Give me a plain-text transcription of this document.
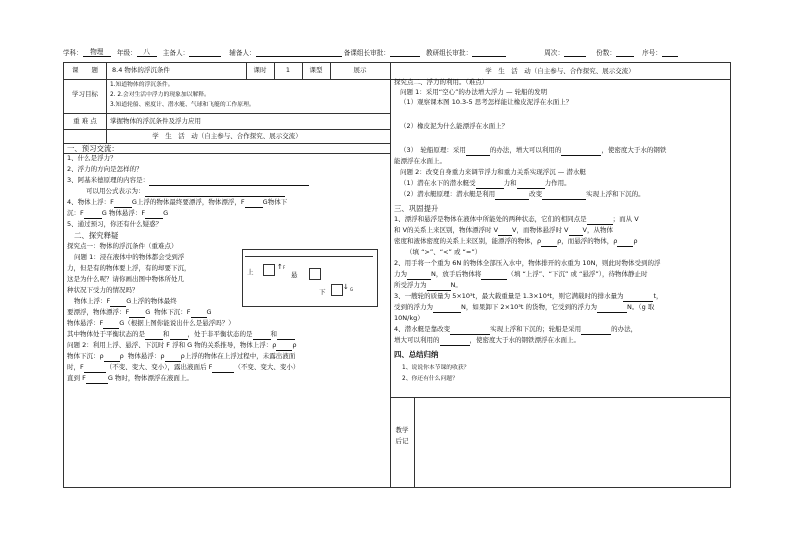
学科： 物理 年级： 八 主备人：	辅备人：	备课组长审批：	教研组长审批：	周次：	份数：	序号：
课　　题	8.4 物体的浮沉条件	课时	1	课型	展示
学习目标
1.知道物体的浮沉条件。
2. 2.会对生活中浮力的现象加以解释。
3.知道轮船、密度计、潜水艇、气球和飞艇的工作原理。
重 难 点	掌握物体的浮沉条件及浮力应用
学　生　活　动（自主参与、合作探究、展示交流）
学　生　活　动（自主参与、合作探究、展示交流）
一、预习交流：
1、什么是浮力？
2、浮力的方向是怎样的？
3、阿基米德原理的内容是：
可以用公式表示为：
4、物体上浮：F	G上浮的物体最终要漂浮，物体漂浮，F	G物体下
沉：F	G 物体悬浮：F	G
5、通过预习，你还有什么疑惑？
二、探究释疑
探究点一：物体的浮沉条件（重难点）
问题 1：浸在液体中的物体都会受到浮
力，但是有的物体要上浮，有的却要下沉，
这是为什么呢？请你画出图中物体所处几
种状况下受力的情况吗？
上
↑ F
悬
下
↓ G
物体上浮：F G上浮的物体最终
要漂浮，物体漂浮：F G 物体下沉：F G
物体悬浮：F G（根据上图你能说出什么是悬浮吗？）
其中物体处于平衡状态的是	和	，处于非平衡状态的是	和
问题 2：利用上浮、悬浮、下沉时 F 浮和 G 物的关系推导，物体上浮：ρ ρ
物体下沉：ρ ρ 物体悬浮：ρ ρ上浮的物体在上浮过程中，未露出液面
时，F	（不变、变大、变小），露出液面后 F	（不变、变大、变小）
直到 F	G 物时，物体漂浮在液面上。
探究点二、浮力的利用。（难点）
问题 1：采用“空心”的办法增大浮力 — 轮船的发明
（1）观察课本图 10.3-5 思考怎样能让橡皮泥浮在水面上？
（2）橡皮泥为什么能漂浮在水面上？
（3）　轮船原理：采用	的办法，增大可以利用的	，使密度大于水的钢铁
能漂浮在水面上。
问题 2：改变自身重力来调节浮力和重力关系实现浮沉 — 潜水艇
（1）潜在水下的潜水艇受	力和	力作用。
（2）潜水艇原理：潜水艇是利用	改变	实现上浮和下沉的。
三、巩固提升
1、漂浮和悬浮是物体在液体中所能处的两种状态，它们的相同点是	；而从 V
和 V的关系上来区别，物体漂浮时 V V，而物体悬浮时 V V，从物体
密度和液体密度的关系上来区别，能漂浮的物体，ρ ρ，而悬浮的物体，ρ ρ
（填 “>”、“<” 或 “=”）
2、用手将一个重为 6N 的物体全部压入水中，物体排开的水重为 10N，则此时物体受到的浮
力为	N，放手后物体将	（填 “上浮”、“下沉” 或 “悬浮”），待物体静止时
所受浮力为	N。
3、一艘轮的质量为 5×10³t，最大载重量是 1.3×10⁴t，则它满载时的排水量为	t，
受到的浮力为	N，如果卸下 2×10³t 的货物，它受到的浮力为	N。（g 取
10N/kg）
4、潜水艇是靠改变	实现上浮和下沉的；轮船是采用	的办法，
增大可以利用的	，使密度大于水的钢铁漂浮在水面上。
四、总结归纳
1、说说你本节课的收获？
2、你还有什么问题？
教学
后记
